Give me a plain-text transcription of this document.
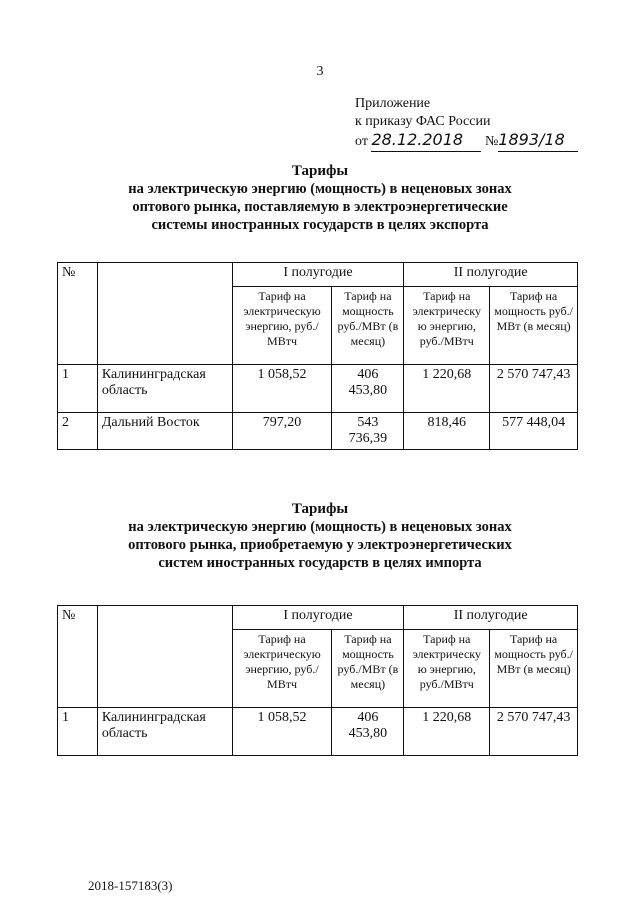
3
Приложение
к приказу ФАС России
от 28.12.2018 №1893/18
Тарифы
на электрическую энергию (мощность) в неценовых зонах
оптового рынка, поставляемую в электроэнергетические
системы иностранных государств в целях экспорта
№		I полугодие		II полугодие	
		Тариф на электрическую энергию, руб./МВтч	Тариф на мощность руб./МВт (в месяц)	Тариф на электрическу ю энергию, руб./МВтч	Тариф на мощность руб./МВт (в месяц)
1	Калининградская область	1 058,52	406 453,80	1 220,68	2 570 747,43
2	Дальний Восток	797,20	543 736,39	818,46	577 448,04
Тарифы
на электрическую энергию (мощность) в неценовых зонах
оптового рынка, приобретаемую у электроэнергетических
систем иностранных государств в целях импорта
№		I полугодие		II полугодие	
		Тариф на электрическую энергию, руб./МВтч	Тариф на мощность руб./МВт (в месяц)	Тариф на электрическу ю энергию, руб./МВтч	Тариф на мощность руб./МВт (в месяц)
1	Калининградская область	1 058,52	406 453,80	1 220,68	2 570 747,43
2018-157183(3)
